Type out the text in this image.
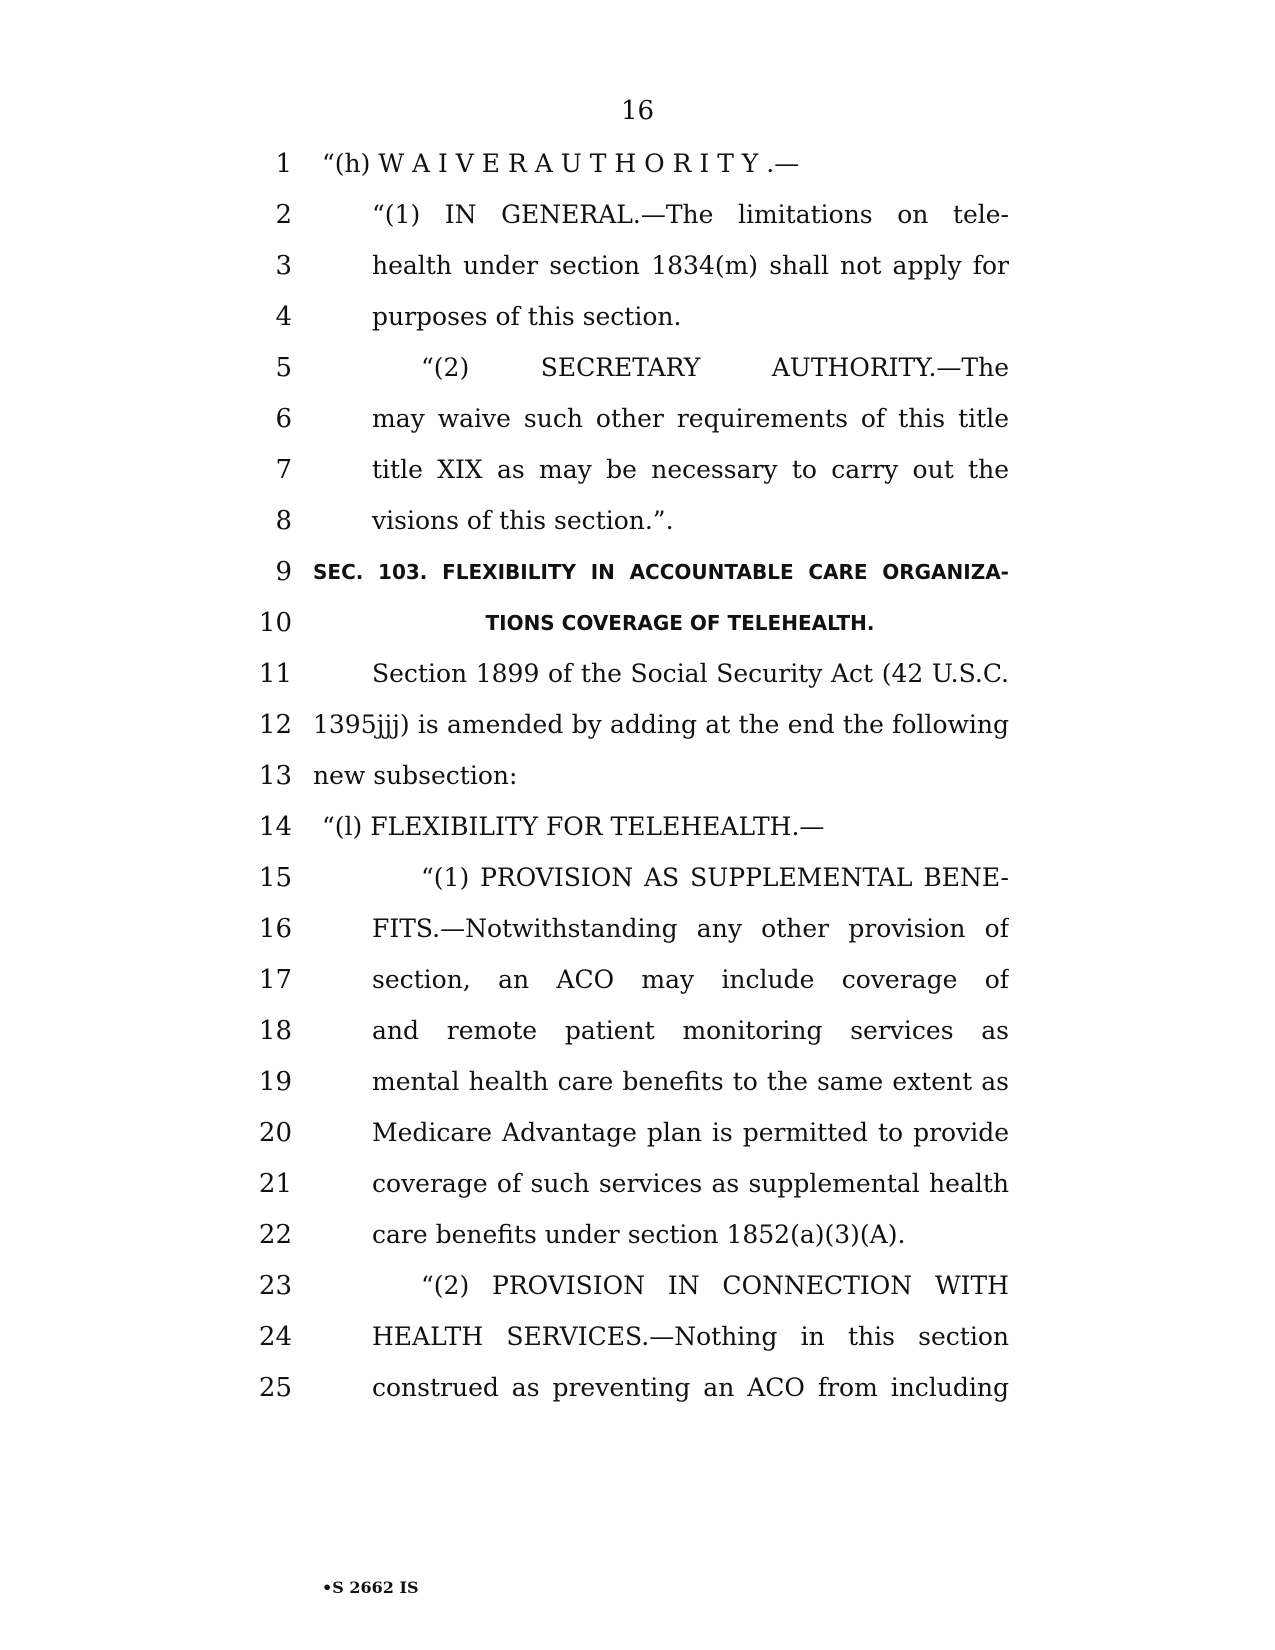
16
1 “(h) W A I V E R A U T H O R I T Y .—
2	“(1) IN GENERAL.—The limitations on tele-
3	health under section 1834(m) shall not apply for
4	purposes of this section.
5	“(2) SECRETARY AUTHORITY.—The
6	may waive such other requirements of this title
7	title XIX as may be necessary to carry out the
8	visions of this section.”.
9 SEC. 103. FLEXIBILITY IN ACCOUNTABLE CARE ORGANIZA-
10	TIONS COVERAGE OF TELEHEALTH.
11	Section 1899 of the Social Security Act (42 U.S.C.
12 1395jjj) is amended by adding at the end the following
13 new subsection:
14 “(l) FLEXIBILITY FOR TELEHEALTH.—
15	“(1) PROVISION AS SUPPLEMENTAL BENE-
16	FITS.—Notwithstanding any other provision of
17	section, an ACO may include coverage of
18	and remote patient monitoring services as
19	mental health care benefits to the same extent as
20	Medicare Advantage plan is permitted to provide
21	coverage of such services as supplemental health
22	care benefits under section 1852(a)(3)(A).
23	“(2) PROVISION IN CONNECTION WITH
24	HEALTH SERVICES.—Nothing in this section
25	construed as preventing an ACO from including
•S 2662 IS
